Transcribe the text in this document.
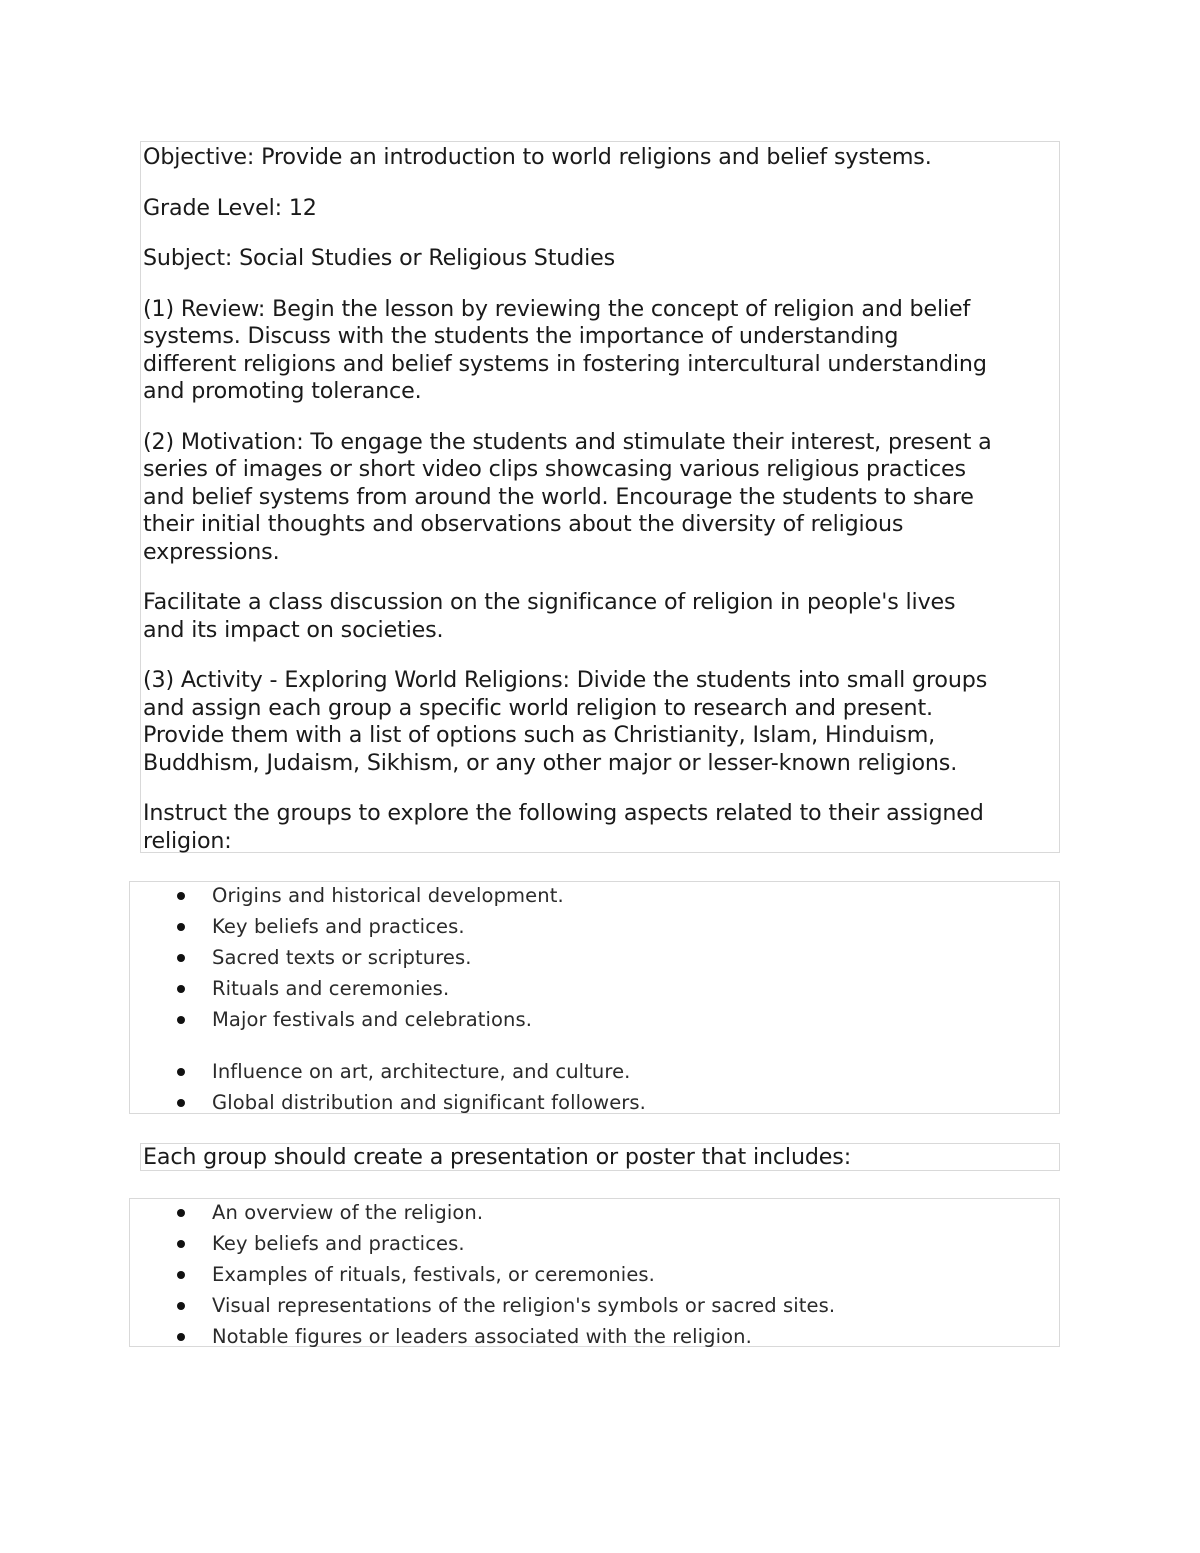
Objective: Provide an introduction to world religions and belief systems.

Grade Level: 12

Subject: Social Studies or Religious Studies

(1) Review: Begin the lesson by reviewing the concept of religion and belief
systems. Discuss with the students the importance of understanding
different religions and belief systems in fostering intercultural understanding
and promoting tolerance.

(2) Motivation: To engage the students and stimulate their interest, present a
series of images or short video clips showcasing various religious practices
and belief systems from around the world. Encourage the students to share
their initial thoughts and observations about the diversity of religious
expressions.

Facilitate a class discussion on the significance of religion in people's lives
and its impact on societies.

(3) Activity - Exploring World Religions: Divide the students into small groups
and assign each group a specific world religion to research and present.
Provide them with a list of options such as Christianity, Islam, Hinduism,
Buddhism, Judaism, Sikhism, or any other major or lesser-known religions.

Instruct the groups to explore the following aspects related to their assigned
religion:

Origins and historical development.
Key beliefs and practices.
Sacred texts or scriptures.
Rituals and ceremonies.
Major festivals and celebrations.
Influence on art, architecture, and culture.
Global distribution and significant followers.

Each group should create a presentation or poster that includes:

An overview of the religion.
Key beliefs and practices.
Examples of rituals, festivals, or ceremonies.
Visual representations of the religion's symbols or sacred sites.
Notable figures or leaders associated with the religion.
